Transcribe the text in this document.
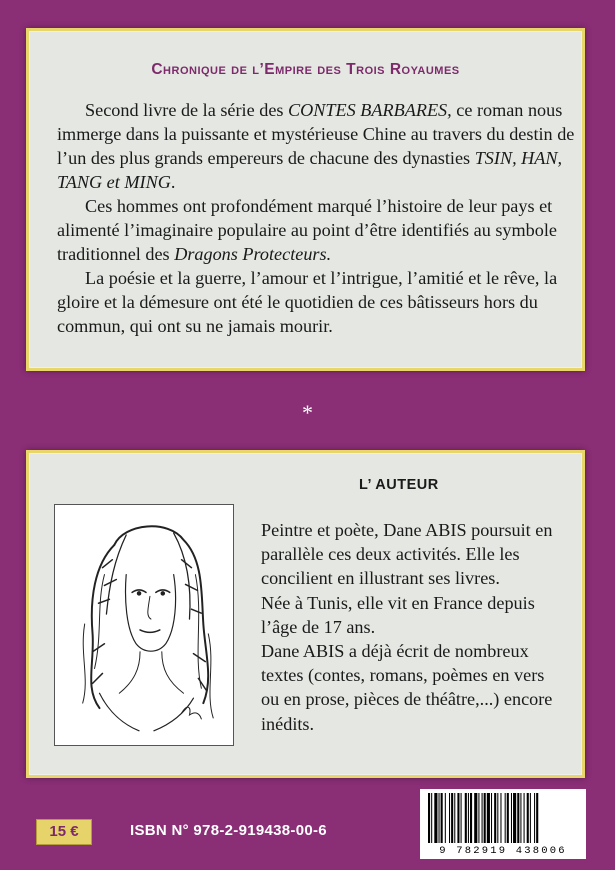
Chronique de l’Empire des Trois Royaumes

Second livre de la série des CONTES BARBARES, ce roman nous immerge dans la puissante et mystérieuse Chine au travers du destin de l’un des plus grands empereurs de chacune des dynasties TSIN, HAN, TANG et MING.

Ces hommes ont profondément marqué l’histoire de leur pays et alimenté l’imaginaire populaire au point d’être identifiés au symbole traditionnel des Dragons Protecteurs.

La poésie et la guerre, l’amour et l’intrigue, l’amitié et le rêve, la gloire et la démesure ont été le quotidien de ces bâtisseurs hors du commun, qui ont su ne jamais mourir.

*
L’ AUTEUR
Peintre et poète, Dane ABIS poursuit en
parallèle ces deux activités. Elle les
concilient en illustrant ses livres.
Née à Tunis, elle vit en France depuis
l’âge de 17 ans.
Dane ABIS a déjà écrit de nombreux
textes (contes, romans, poèmes en vers
ou en prose, pièces de théâtre,...) encore
inédits.
15 €	ISBN N° 978-2-919438-00-6
9 782919 438006
